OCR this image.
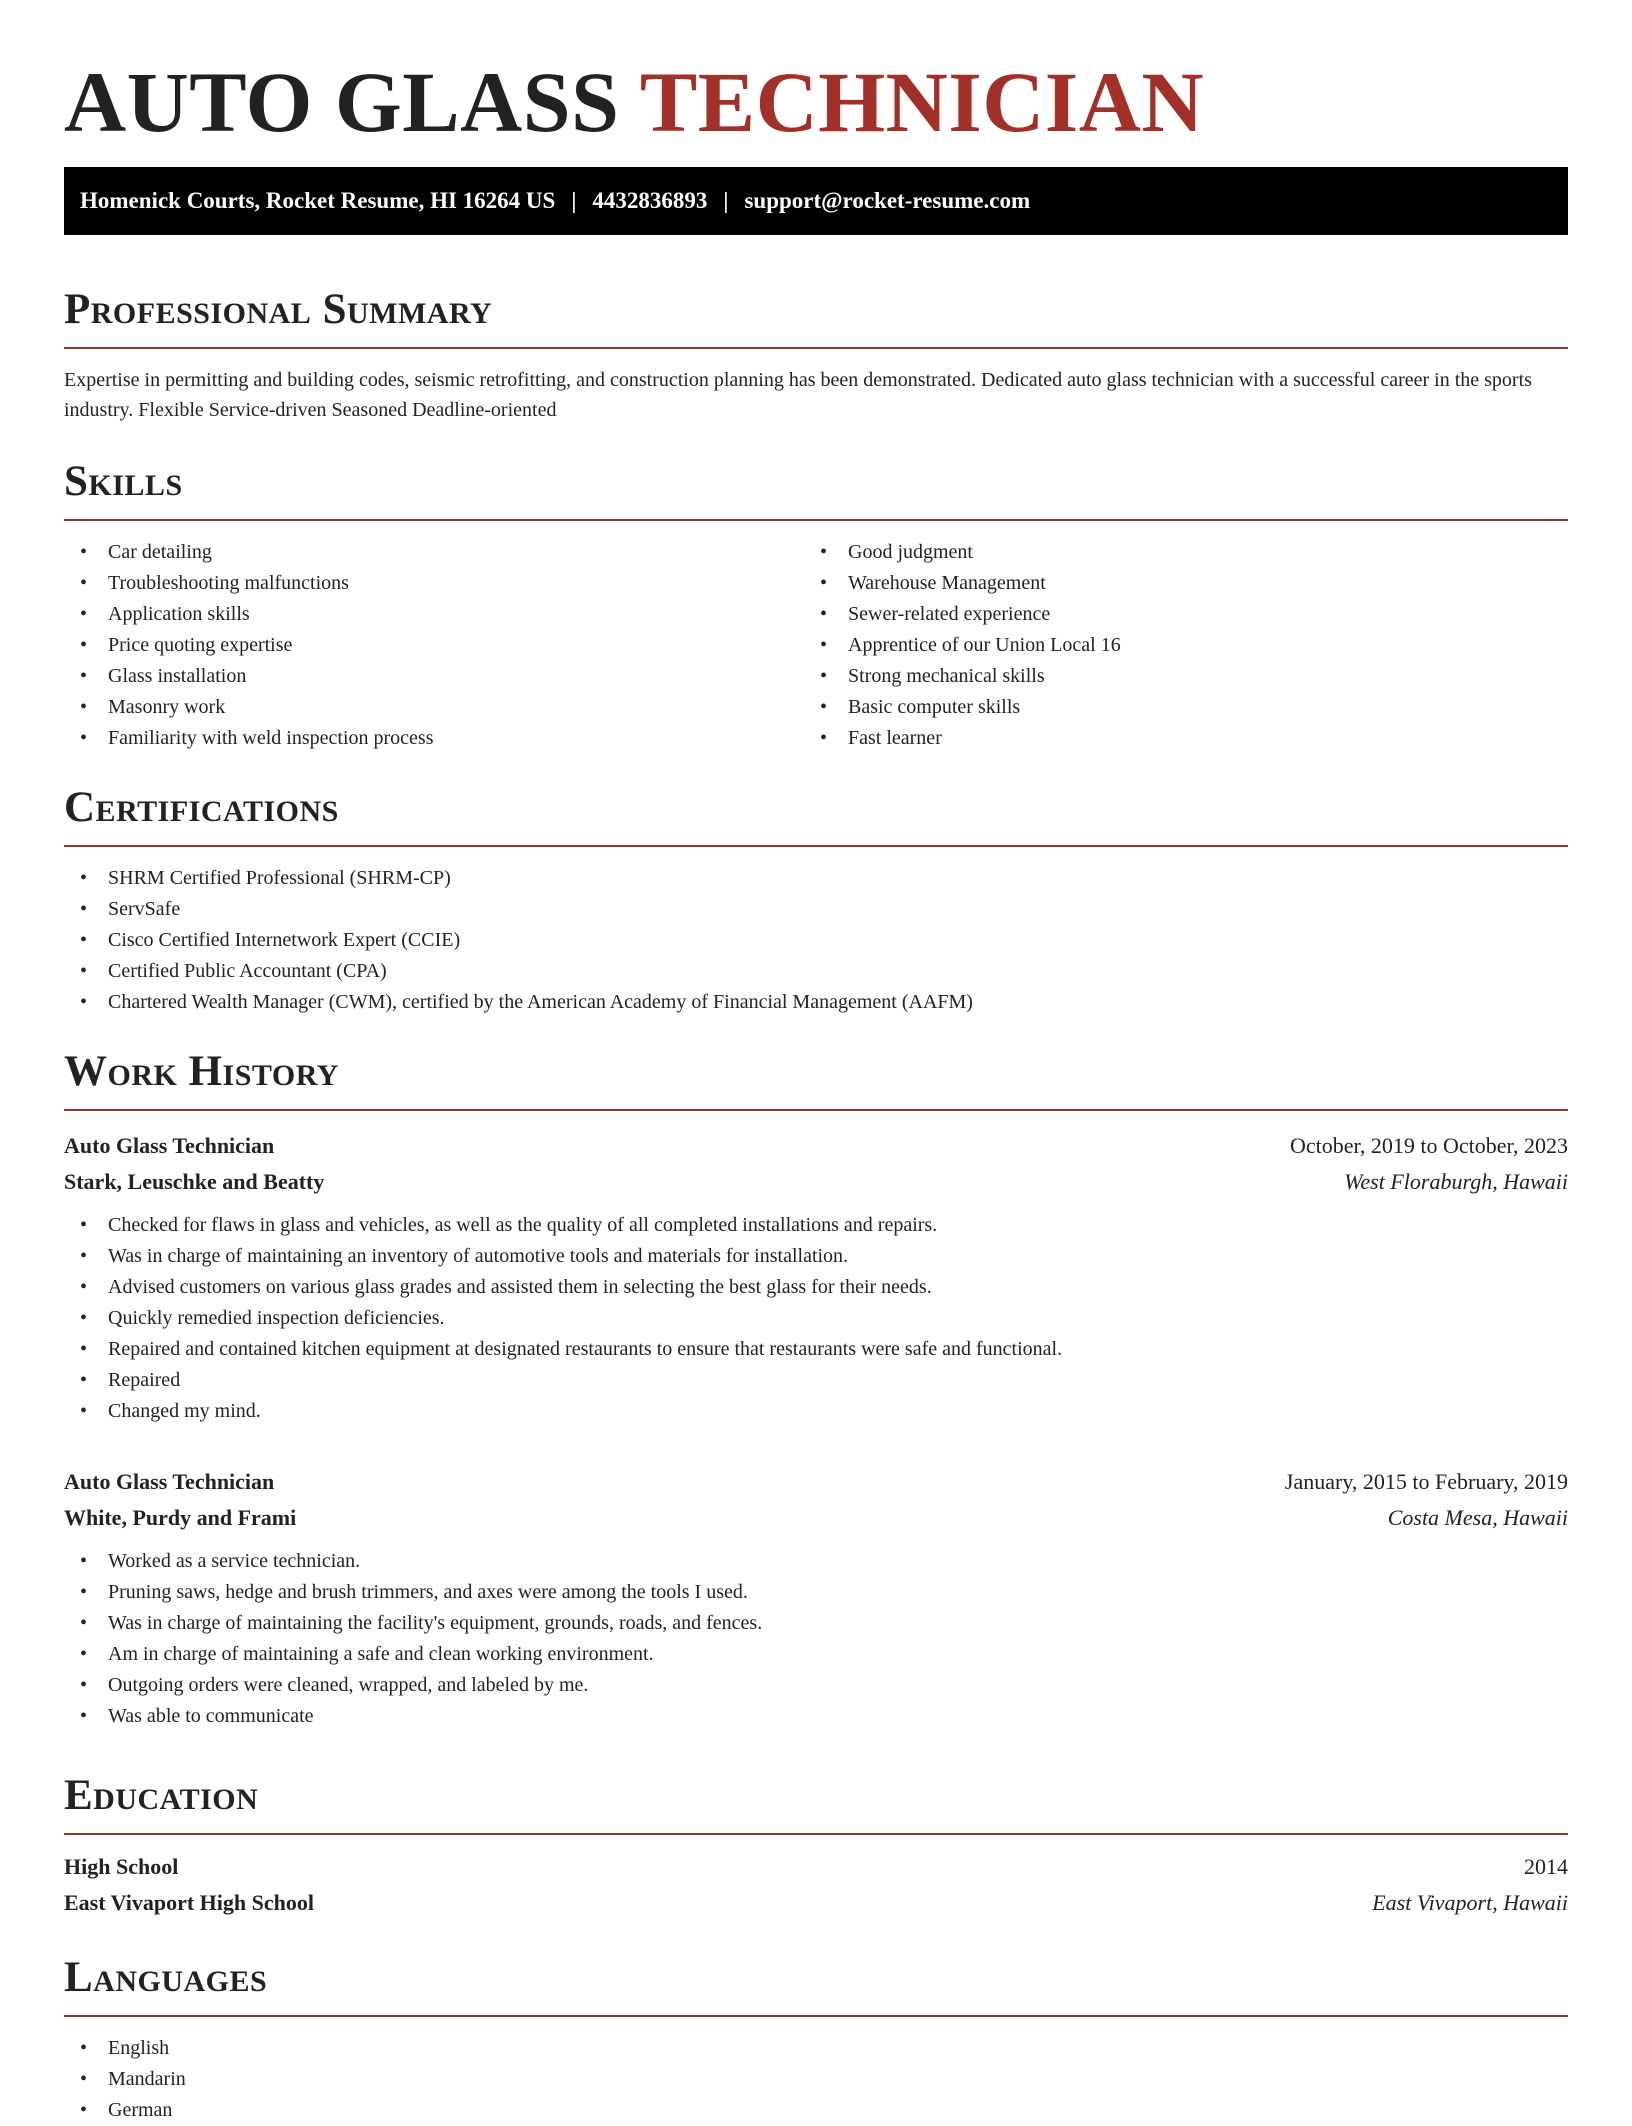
AUTO GLASS TECHNICIAN
Homenick Courts, Rocket Resume, HI 16264 US | 4432836893 | support@rocket-resume.com
Professional Summary
Expertise in permitting and building codes, seismic retrofitting, and construction planning has been demonstrated. Dedicated auto glass technician with a successful career in the sports industry. Flexible Service-driven Seasoned Deadline-oriented
Skills
• Car detailing
• Troubleshooting malfunctions
• Application skills
• Price quoting expertise
• Glass installation
• Masonry work
• Familiarity with weld inspection process
• Good judgment
• Warehouse Management
• Sewer-related experience
• Apprentice of our Union Local 16
• Strong mechanical skills
• Basic computer skills
• Fast learner
Certifications
• SHRM Certified Professional (SHRM-CP)
• ServSafe
• Cisco Certified Internetwork Expert (CCIE)
• Certified Public Accountant (CPA)
• Chartered Wealth Manager (CWM), certified by the American Academy of Financial Management (AAFM)
Work History
Auto Glass Technician	October, 2019 to October, 2023
Stark, Leuschke and Beatty	West Floraburgh, Hawaii
• Checked for flaws in glass and vehicles, as well as the quality of all completed installations and repairs.
• Was in charge of maintaining an inventory of automotive tools and materials for installation.
• Advised customers on various glass grades and assisted them in selecting the best glass for their needs.
• Quickly remedied inspection deficiencies.
• Repaired and contained kitchen equipment at designated restaurants to ensure that restaurants were safe and functional.
• Repaired
• Changed my mind.
Auto Glass Technician	January, 2015 to February, 2019
White, Purdy and Frami	Costa Mesa, Hawaii
• Worked as a service technician.
• Pruning saws, hedge and brush trimmers, and axes were among the tools I used.
• Was in charge of maintaining the facility's equipment, grounds, roads, and fences.
• Am in charge of maintaining a safe and clean working environment.
• Outgoing orders were cleaned, wrapped, and labeled by me.
• Was able to communicate
Education
High School	2014
East Vivaport High School	East Vivaport, Hawaii
Languages
• English
• Mandarin
• German
